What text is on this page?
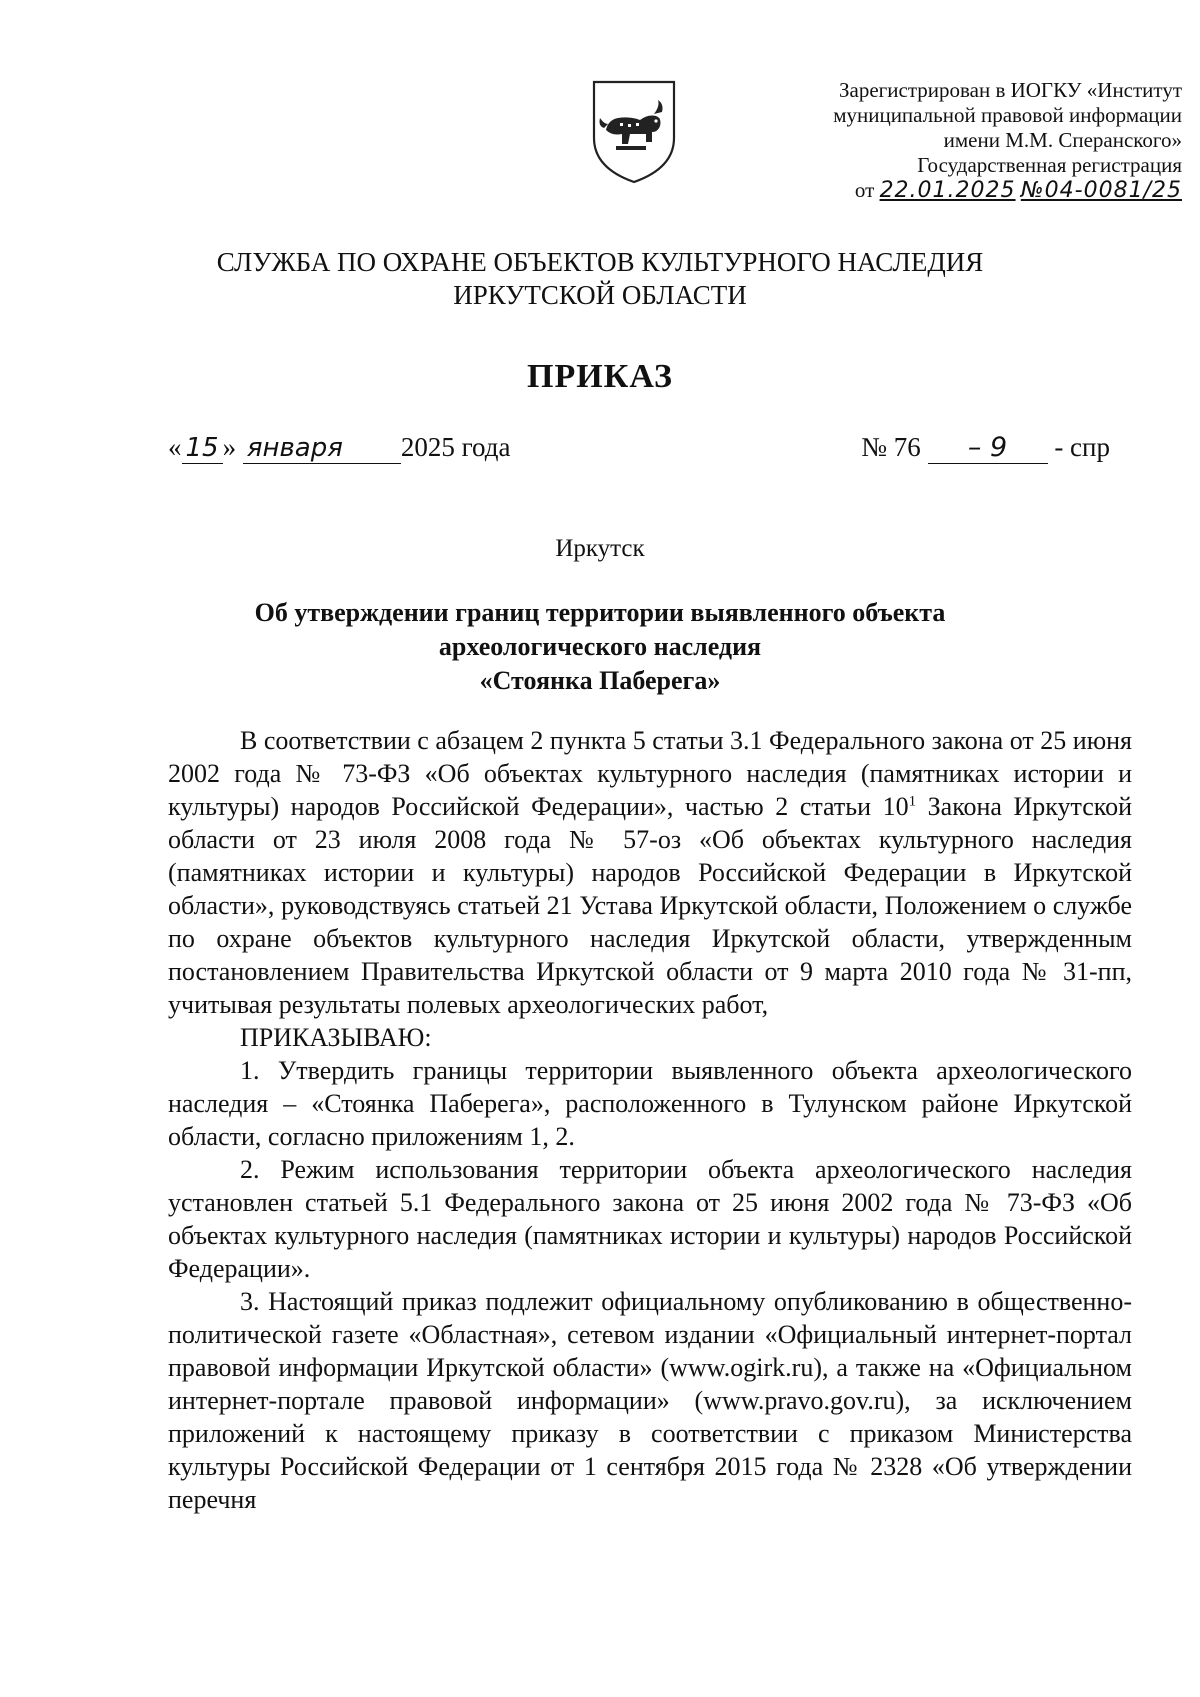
Зарегистрирован в ИОГКУ «Институт
муниципальной правовой информации
имени М.М. Сперанского»
Государственная регистрация
от 22.01.2025 №04-0081/25
СЛУЖБА ПО ОХРАНЕ ОБЪЕКТОВ КУЛЬТУРНОГО НАСЛЕДИЯ
ИРКУТСКОЙ ОБЛАСТИ
ПРИКАЗ
« 15 » января 2025 года	№ 76 – 9 - спр
Иркутск
Об утверждении границ территории выявленного объекта
археологического наследия
«Стоянка Паберега»

В соответствии с абзацем 2 пункта 5 статьи 3.1 Федерального закона от 25 июня 2002 года № 73-ФЗ «Об объектах культурного наследия (памятниках истории и культуры) народов Российской Федерации», частью 2 статьи $10^1$ Закона Иркутской области от 23 июля 2008 года № 57-оз «Об объектах культурного наследия (памятниках истории и культуры) народов Российской Федерации в Иркутской области», руководствуясь статьей 21 Устава Иркутской области, Положением о службе по охране объектов культурного наследия Иркутской области, утвержденным постановлением Правительства Иркутской области от 9 марта 2010 года № 31-пп, учитывая результаты полевых археологических работ,

ПРИКАЗЫВАЮ:

1. Утвердить границы территории выявленного объекта археологического наследия – «Стоянка Паберега», расположенного в Тулунском районе Иркутской области, согласно приложениям 1, 2.

2. Режим использования территории объекта археологического наследия установлен статьей 5.1 Федерального закона от 25 июня 2002 года № 73-ФЗ «Об объектах культурного наследия (памятниках истории и культуры) народов Российской Федерации».

3. Настоящий приказ подлежит официальному опубликованию в общественно-политической газете «Областная», сетевом издании «Официальный интернет-портал правовой информации Иркутской области» (www.ogirk.ru), а также на «Официальном интернет-портале правовой информации» (www.pravo.gov.ru), за исключением приложений к настоящему приказу в соответствии с приказом Министерства культуры Российской Федерации от 1 сентября 2015 года № 2328 «Об утверждении перечня
